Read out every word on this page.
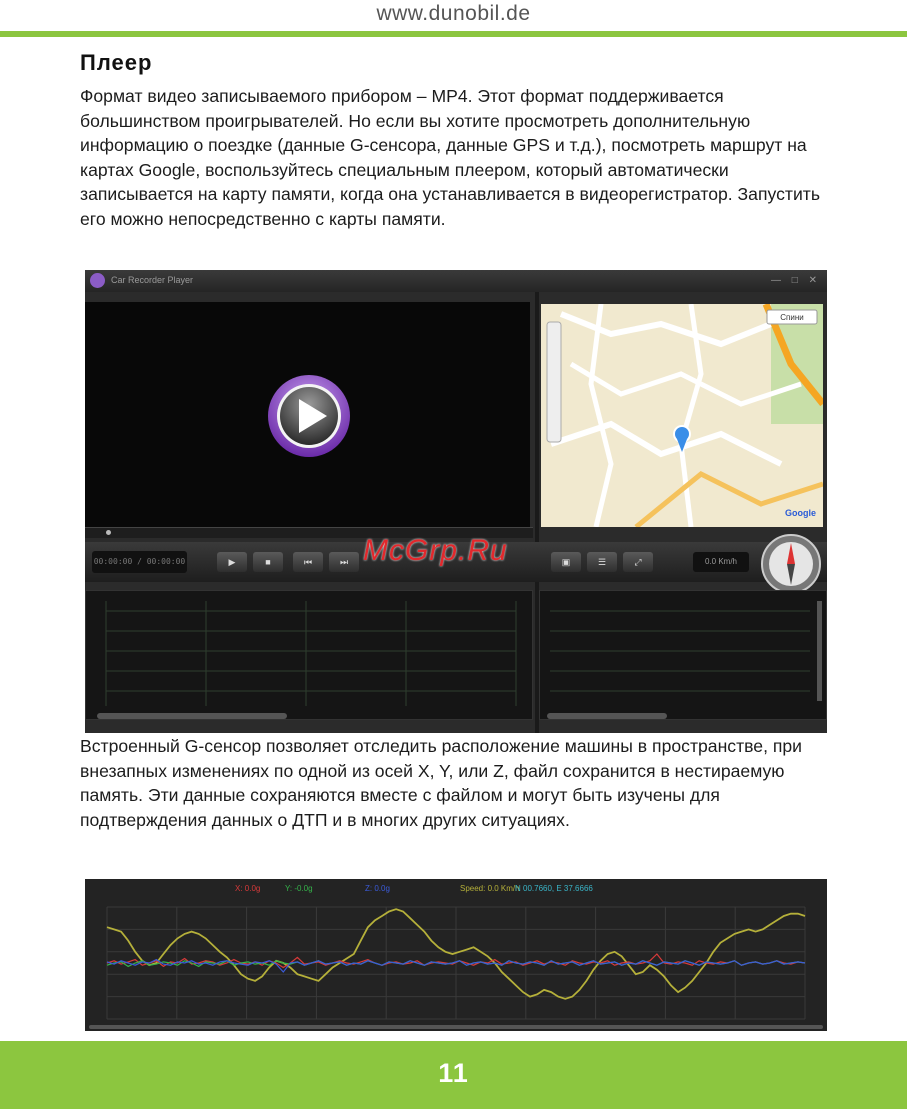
www.dunobil.de
Плеер

Формат видео записываемого прибором – MP4. Этот формат поддерживается большинством проигрывателей. Но если вы хотите просмотреть дополнительную информацию о поездке (данные G-сенсора, данные GPS и т.д.), посмотреть маршрут на картах Google, воспользуйтесь специальным плеером, который автоматически записывается на карту памяти, когда она устанавливается в видеорегистратор. Запустить его можно непосредственно с карты памяти.

Car Recorder Player	— □ ✕
Спини
Google
00:00:00 / 00:00:00	▶	■	⏮	⏭	▣	☰	⤢	0.0 Km/h
McGrp.Ru

Встроенный G-сенсор позволяет отследить расположение машины в пространстве, при внезапных изменениях по одной из осей X, Y, или Z, файл сохранится в нестираемую память. Эти данные сохраняются вместе с файлом и могут быть изучены для подтверждения данных о ДТП и в многих других ситуациях.

X: 0.0g	Y: -0.0g	Z: 0.0g	Speed: 0.0 Km/h
N 00.7660, E 37.6666
11
